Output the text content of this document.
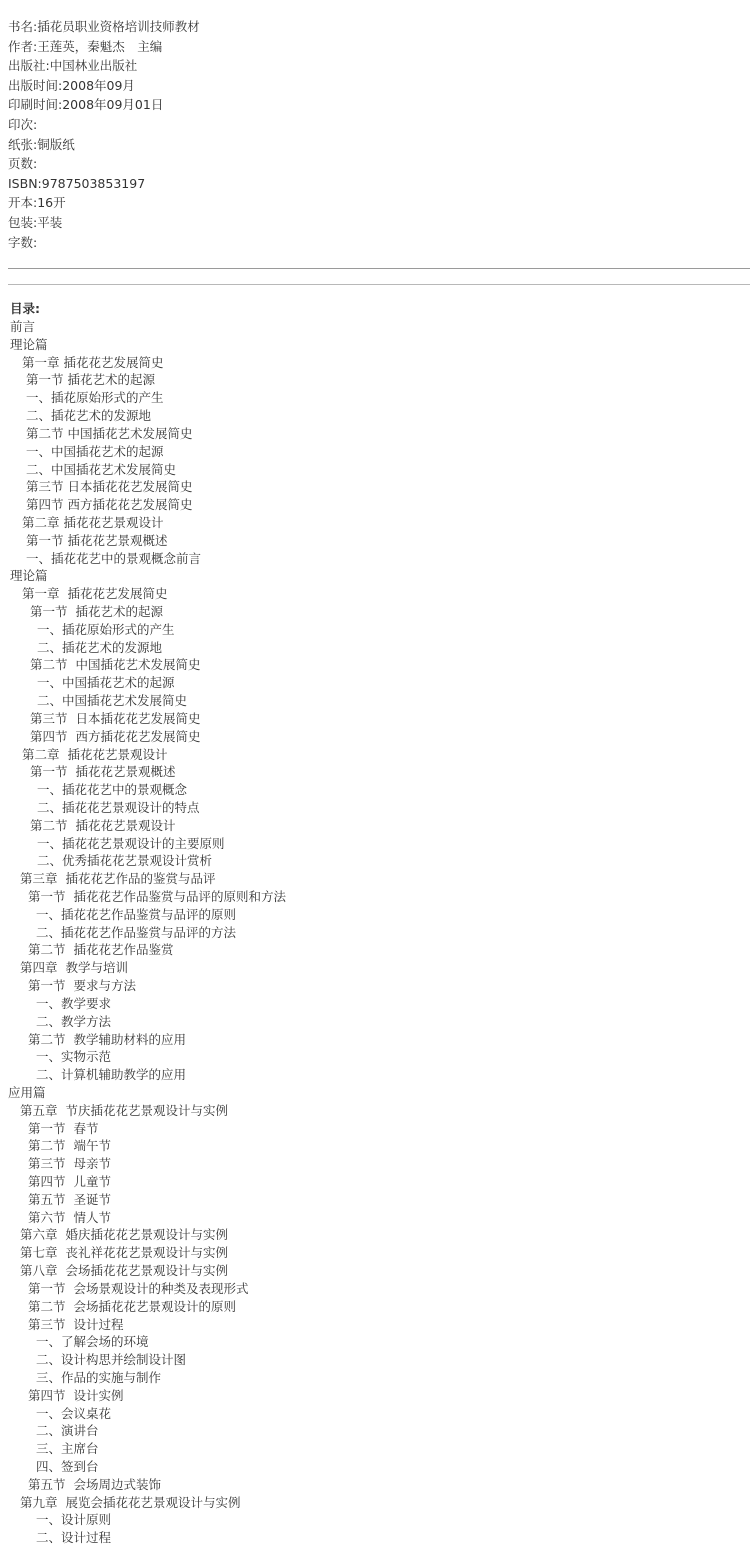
书名:插花员职业资格培训技师教材
作者:王莲英，秦魁杰　主编
出版社:中国林业出版社
出版时间:2008年09月
印刷时间:2008年09月01日
印次:
纸张:铜版纸
页数:
ISBN:9787503853197
开本:16开
包装:平装
字数:
目录:
前言
理论篇
第一章 插花花艺发展简史
第一节 插花艺术的起源
一、插花原始形式的产生
二、插花艺术的发源地
第二节 中国插花艺术发展简史
一、中国插花艺术的起源
二、中国插花艺术发展简史
第三节 日本插花花艺发展简史
第四节 西方插花花艺发展简史
第二章 插花花艺景观设计
第一节 插花花艺景观概述
一、插花花艺中的景观概念前言
理论篇
第一章  插花花艺发展简史
第一节  插花艺术的起源
一、插花原始形式的产生
二、插花艺术的发源地
第二节  中国插花艺术发展简史
一、中国插花艺术的起源
二、中国插花艺术发展简史
第三节  日本插花花艺发展简史
第四节  西方插花花艺发展简史
第二章  插花花艺景观设计
第一节  插花花艺景观概述
一、插花花艺中的景观概念
二、插花花艺景观设计的特点
第二节  插花花艺景观设计
一、插花花艺景观设计的主要原则
二、优秀插花花艺景观设计赏析
第三章  插花花艺作品的鉴赏与品评
第一节  插花花艺作品鉴赏与品评的原则和方法
一、插花花艺作品鉴赏与品评的原则
二、插花花艺作品鉴赏与品评的方法
第二节  插花花艺作品鉴赏
第四章  教学与培训
第一节  要求与方法
一、教学要求
二、教学方法
第二节  教学辅助材料的应用
一、实物示范
二、计算机辅助教学的应用
应用篇
第五章  节庆插花花艺景观设计与实例
第一节  春节
第二节  端午节
第三节  母亲节
第四节  儿童节
第五节  圣诞节
第六节  情人节
第六章  婚庆插花花艺景观设计与实例
第七章  丧礼祥花花艺景观设计与实例
第八章  会场插花花艺景观设计与实例
第一节  会场景观设计的种类及表现形式
第二节  会场插花花艺景观设计的原则
第三节  设计过程
一、了解会场的环境
二、设计构思并绘制设计图
三、作品的实施与制作
第四节  设计实例
一、会议桌花
二、演讲台
三、主席台
四、签到台
第五节  会场周边式装饰
第九章  展览会插花花艺景观设计与实例
一、设计原则
二、设计过程
